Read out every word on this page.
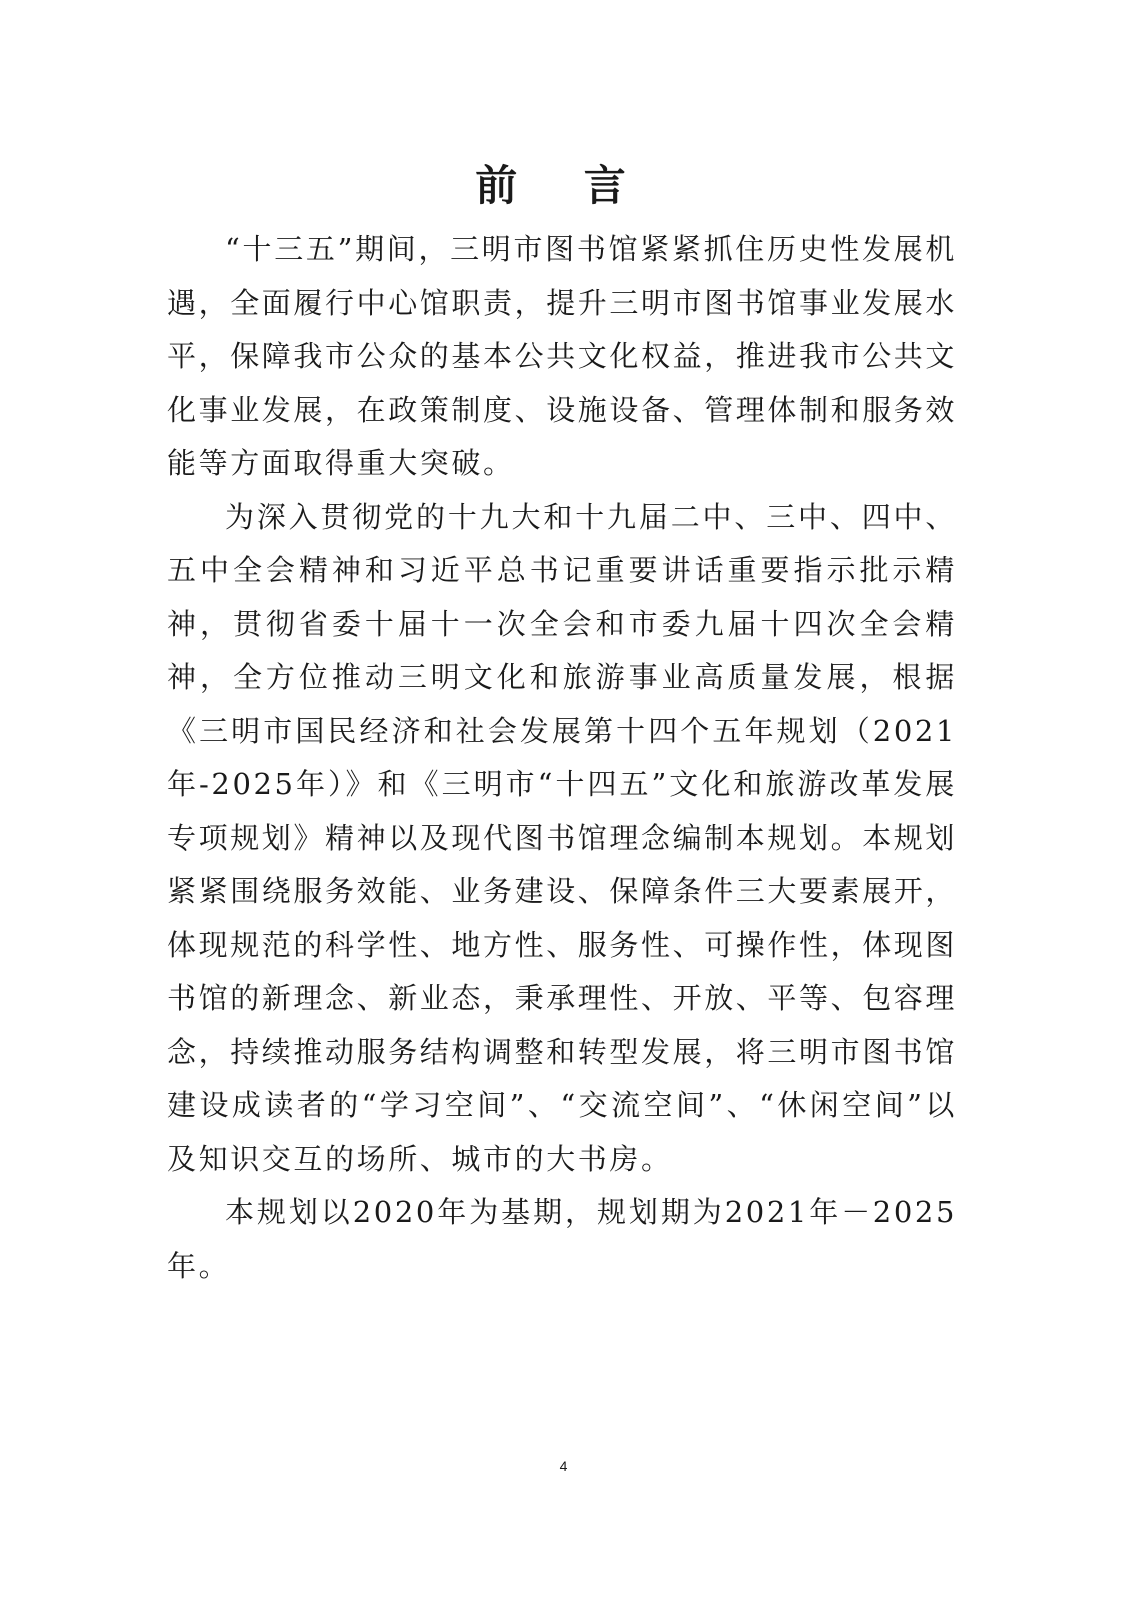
前 言

“十三五”期间，三明市图书馆紧紧抓住历史性发展机遇，全面履行中心馆职责，提升三明市图书馆事业发展水平，保障我市公众的基本公共文化权益，推进我市公共文化事业发展，在政策制度、设施设备、管理体制和服务效能等方面取得重大突破。

为深入贯彻党的十九大和十九届二中、三中、四中、五中全会精神和习近平总书记重要讲话重要指示批示精神，贯彻省委十届十一次全会和市委九届十四次全会精神，全方位推动三明文化和旅游事业高质量发展，根据《三明市国民经济和社会发展第十四个五年规划（2021年-2025年）》和《三明市“十四五”文化和旅游改革发展专项规划》精神以及现代图书馆理念编制本规划。本规划紧紧围绕服务效能、业务建设、保障条件三大要素展开，体现规范的科学性、地方性、服务性、可操作性，体现图书馆的新理念、新业态，秉承理性、开放、平等、包容理念，持续推动服务结构调整和转型发展，将三明市图书馆建设成读者的“学习空间”、“交流空间”、“休闲空间”以及知识交互的场所、城市的大书房。

本规划以2020年为基期，规划期为2021年－2025年。

4
